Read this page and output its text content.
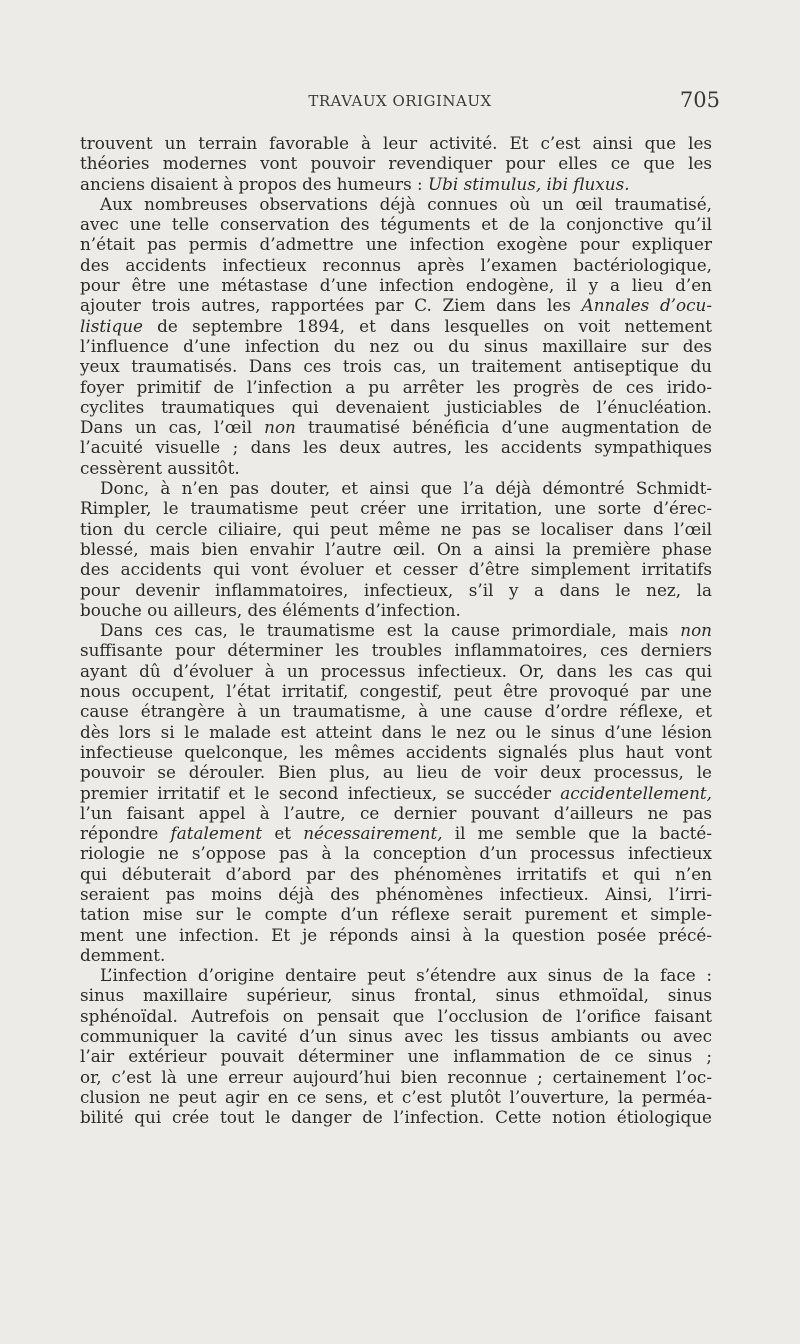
TRAVAUX ORIGINAUX	705
trouvent un terrain favorable à leur activité. Et c’est ainsi que les
théories modernes vont pouvoir revendiquer pour elles ce que les
anciens disaient à propos des humeurs : Ubi stimulus, ibi fluxus.
Aux nombreuses observations déjà connues où un œil traumatisé,
avec une telle conservation des téguments et de la conjonctive qu’il
n’était pas permis d’admettre une infection exogène pour expliquer
des accidents infectieux reconnus après l’examen bactériologique,
pour être une métastase d’une infection endogène, il y a lieu d’en
ajouter trois autres, rapportées par C. Ziem dans les Annales d’ocu-
listique de septembre 1894, et dans lesquelles on voit nettement
l’influence d’une infection du nez ou du sinus maxillaire sur des
yeux traumatisés. Dans ces trois cas, un traitement antiseptique du
foyer primitif de l’infection a pu arrêter les progrès de ces irido-
cyclites traumatiques qui devenaient justiciables de l’énucléation.
Dans un cas, l’œil non traumatisé bénéficia d’une augmentation de
l’acuité visuelle ; dans les deux autres, les accidents sympathiques
cessèrent aussitôt.
Donc, à n’en pas douter, et ainsi que l’a déjà démontré Schmidt-
Rimpler, le traumatisme peut créer une irritation, une sorte d’érec-
tion du cercle ciliaire, qui peut même ne pas se localiser dans l’œil
blessé, mais bien envahir l’autre œil. On a ainsi la première phase
des accidents qui vont évoluer et cesser d’être simplement irritatifs
pour devenir inflammatoires, infectieux, s’il y a dans le nez, la
bouche ou ailleurs, des éléments d’infection.
Dans ces cas, le traumatisme est la cause primordiale, mais non
suffisante pour déterminer les troubles inflammatoires, ces derniers
ayant dû d’évoluer à un processus infectieux. Or, dans les cas qui
nous occupent, l’état irritatif, congestif, peut être provoqué par une
cause étrangère à un traumatisme, à une cause d’ordre réflexe, et
dès lors si le malade est atteint dans le nez ou le sinus d’une lésion
infectieuse quelconque, les mêmes accidents signalés plus haut vont
pouvoir se dérouler. Bien plus, au lieu de voir deux processus, le
premier irritatif et le second infectieux, se succéder accidentellement,
l’un faisant appel à l’autre, ce dernier pouvant d’ailleurs ne pas
répondre fatalement et nécessairement, il me semble que la bacté-
riologie ne s’oppose pas à la conception d’un processus infectieux
qui débuterait d’abord par des phénomènes irritatifs et qui n’en
seraient pas moins déjà des phénomènes infectieux. Ainsi, l’irri-
tation mise sur le compte d’un réflexe serait purement et simple-
ment une infection. Et je réponds ainsi à la question posée précé-
demment.
L’infection d’origine dentaire peut s’étendre aux sinus de la face :
sinus maxillaire supérieur, sinus frontal, sinus ethmoïdal, sinus
sphénoïdal. Autrefois on pensait que l’occlusion de l’orifice faisant
communiquer la cavité d’un sinus avec les tissus ambiants ou avec
l’air extérieur pouvait déterminer une inflammation de ce sinus ;
or, c’est là une erreur aujourd’hui bien reconnue ; certainement l’oc-
clusion ne peut agir en ce sens, et c’est plutôt l’ouverture, la perméa-
bilité qui crée tout le danger de l’infection. Cette notion étiologique
